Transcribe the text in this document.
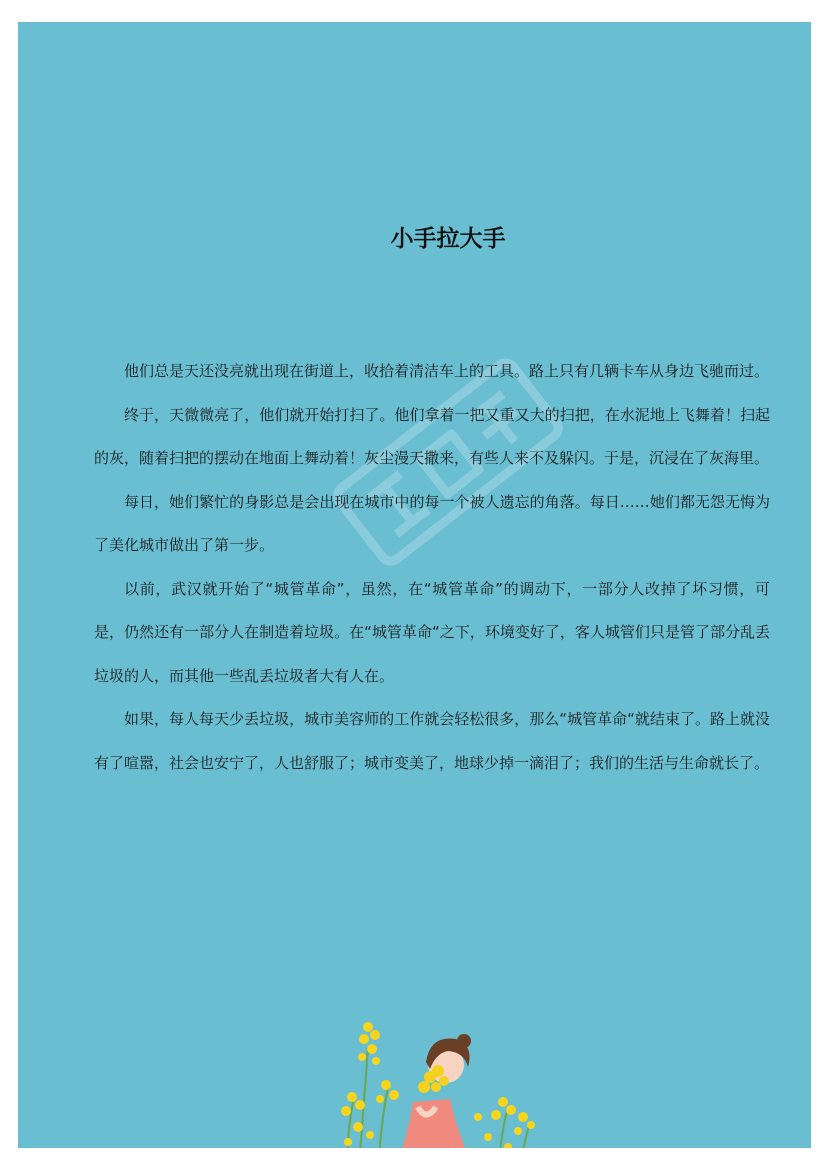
小手拉大手

他们总是天还没亮就出现在街道上，收拾着清洁车上的工具。路上只有几辆卡车从身边飞驰而过。

终于，天微微亮了，他们就开始打扫了。他们拿着一把又重又大的扫把，在水泥地上飞舞着！扫起的灰，随着扫把的摆动在地面上舞动着！灰尘漫天撒来，有些人来不及躲闪。于是，沉浸在了灰海里。

每日，她们繁忙的身影总是会出现在城市中的每一个被人遗忘的角落。每日……她们都无怨无悔为了美化城市做出了第一步。

以前，武汉就开始了“城管革命”，虽然，在“城管革命”的调动下，一部分人改掉了坏习惯，可是，仍然还有一部分人在制造着垃圾。在“城管革命“之下，环境变好了，客人城管们只是管了部分乱丢垃圾的人，而其他一些乱丢垃圾者大有人在。

如果，每人每天少丢垃圾，城市美容师的工作就会轻松很多，那么“城管革命“就结束了。路上就没有了喧嚣，社会也安宁了，人也舒服了；城市变美了，地球少掉一滴泪了；我们的生活与生命就长了。
